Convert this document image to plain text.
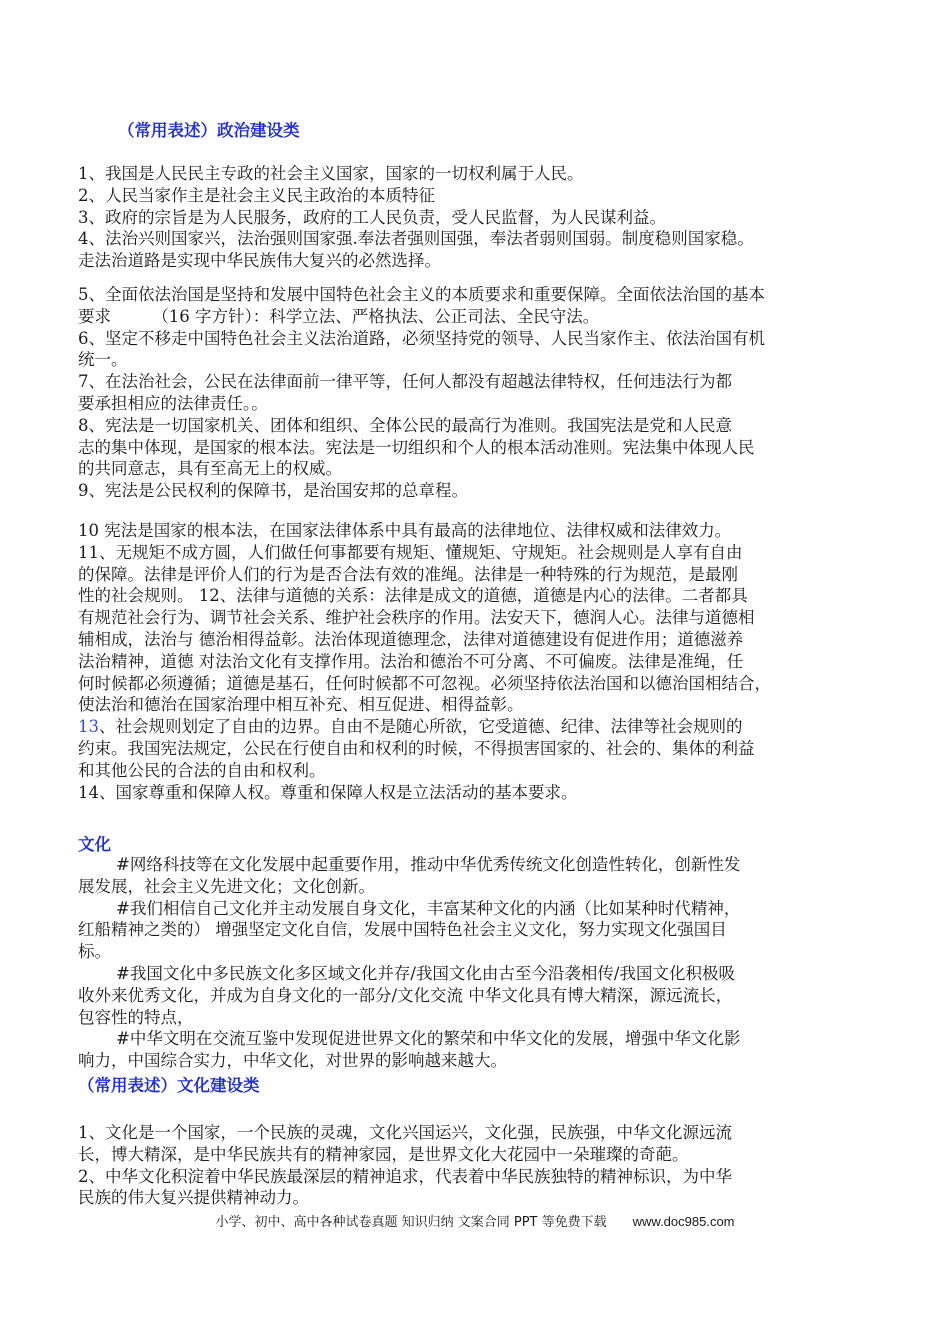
（常用表述）政治建设类
1、我国是人民民主专政的社会主义国家，国家的一切权利属于人民。
2、人民当家作主是社会主义民主政治的本质特征
3、政府的宗旨是为人民服务，政府的工人民负责，受人民监督，为人民谋利益。
4、法治兴则国家兴，法治强则国家强.奉法者强则国强，奉法者弱则国弱。制度稳则国家稳。
走法治道路是实现中华民族伟大复兴的必然选择。
5、全面依法治国是坚持和发展中国特色社会主义的本质要求和重要保障。全面依法治国的基本
要求　　　（16 字方针）：科学立法、严格执法、公正司法、全民守法。
6、坚定不移走中国特色社会主义法治道路，必须坚持党的领导、人民当家作主、依法治国有机
统一。
7、在法治社会，公民在法律面前一律平等，任何人都没有超越法律特权，任何违法行为都
要承担相应的法律责任。。
8、宪法是一切国家机关、团体和组织、全体公民的最高行为准则。我国宪法是党和人民意
志的集中体现，是国家的根本法。宪法是一切组织和个人的根本活动准则。宪法集中体现人民
的共同意志，具有至高无上的权威。
9、宪法是公民权利的保障书，是治国安邦的总章程。
10 宪法是国家的根本法，在国家法律体系中具有最高的法律地位、法律权威和法律效力。
11、无规矩不成方圆，人们做任何事都要有规矩、懂规矩、守规矩。社会规则是人享有自由
的保障。法律是评价人们的行为是否合法有效的准绳。法律是一种特殊的行为规范，是最刚
性的社会规则。 12、法律与道德的关系：法律是成文的道德，道德是内心的法律。二者都具
有规范社会行为、调节社会关系、维护社会秩序的作用。法安天下，德润人心。法律与道德相
辅相成，法治与 德治相得益彰。法治体现道德理念，法律对道德建设有促进作用；道德滋养
法治精神，道德 对法治文化有支撑作用。法治和德治不可分离、不可偏废。法律是准绳，任
何时候都必须遵循；道德是基石，任何时候都不可忽视。必须坚持依法治国和以德治国相结合，
使法治和德治在国家治理中相互补充、相互促进、相得益彰。
13、社会规则划定了自由的边界。自由不是随心所欲，它受道德、纪律、法律等社会规则的
约束。我国宪法规定，公民在行使自由和权利的时候，不得损害国家的、社会的、集体的利益
和其他公民的合法的自由和权利。
14、国家尊重和保障人权。尊重和保障人权是立法活动的基本要求。
文化
#网络科技等在文化发展中起重要作用，推动中华优秀传统文化创造性转化，创新性发
展发展，社会主义先进文化；文化创新。
#我们相信自己文化并主动发展自身文化，丰富某种文化的内涵（比如某种时代精神，
红船精神之类的） 增强坚定文化自信，发展中国特色社会主义文化，努力实现文化强国目
标。
#我国文化中多民族文化多区域文化并存/我国文化由古至今沿袭相传/我国文化积极吸
收外来优秀文化，并成为自身文化的一部分/文化交流 中华文化具有博大精深，源远流长，
包容性的特点，
#中华文明在交流互鉴中发现促进世界文化的繁荣和中华文化的发展，增强中华文化影
响力，中国综合实力，中华文化，对世界的影响越来越大。
（常用表述）文化建设类
1、文化是一个国家，一个民族的灵魂，文化兴国运兴，文化强，民族强，中华文化源远流
长，博大精深，是中华民族共有的精神家园，是世界文化大花园中一朵璀璨的奇葩。
2、中华文化积淀着中华民族最深层的精神追求，代表着中华民族独特的精神标识，为中华
民族的伟大复兴提供精神动力。
小学、初中、高中各种试卷真题 知识归纳 文案合同 PPT 等免费下载 www.doc985.com
